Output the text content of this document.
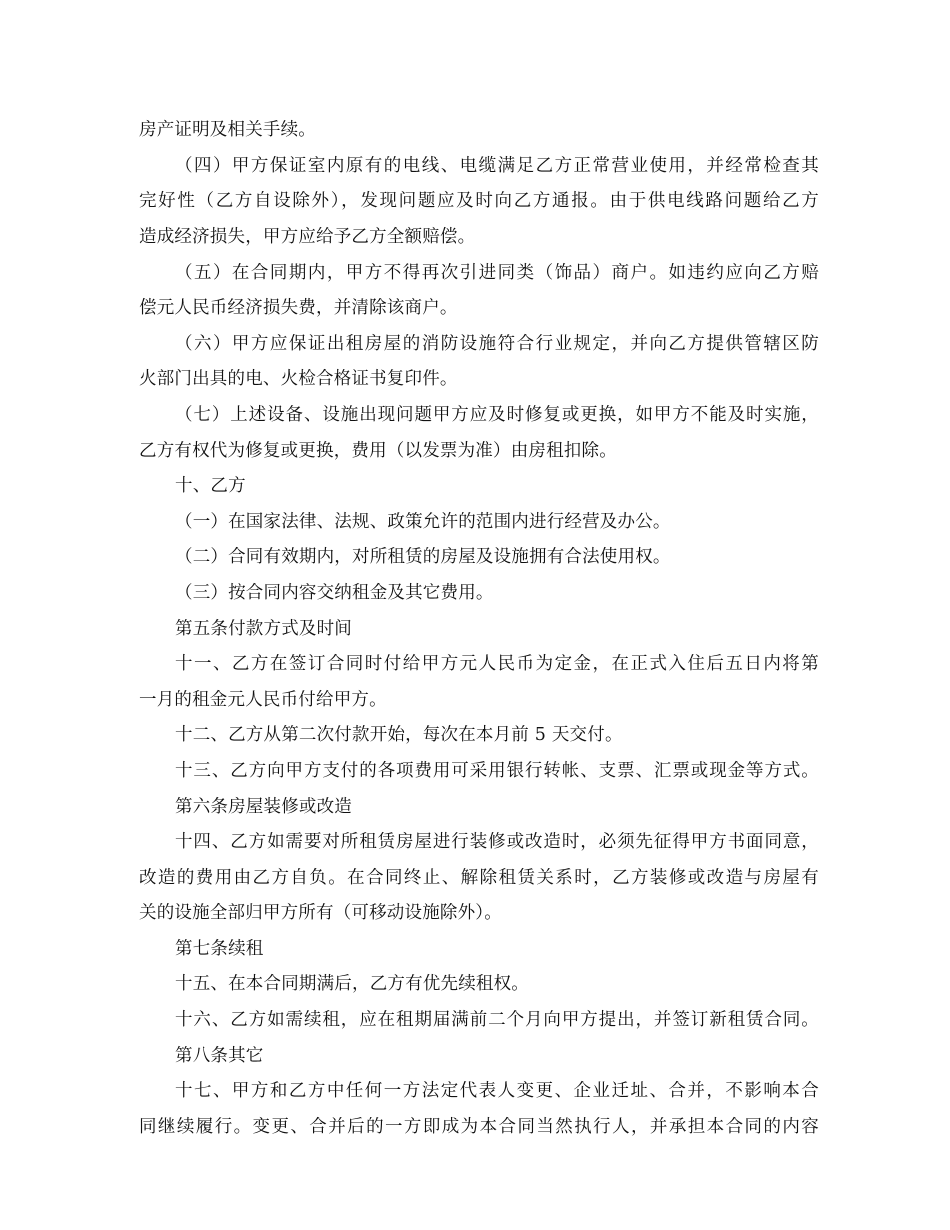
房产证明及相关手续。
（四）甲方保证室内原有的电线、电缆满足乙方正常营业使用，并经常检查其
完好性（乙方自设除外），发现问题应及时向乙方通报。由于供电线路问题给乙方
造成经济损失，甲方应给予乙方全额赔偿。
（五）在合同期内，甲方不得再次引进同类（饰品）商户。如违约应向乙方赔
偿元人民币经济损失费，并清除该商户。
（六）甲方应保证出租房屋的消防设施符合行业规定，并向乙方提供管辖区防
火部门出具的电、火检合格证书复印件。
（七）上述设备、设施出现问题甲方应及时修复或更换，如甲方不能及时实施，
乙方有权代为修复或更换，费用（以发票为准）由房租扣除。
十、乙方
（一）在国家法律、法规、政策允许的范围内进行经营及办公。
（二）合同有效期内，对所租赁的房屋及设施拥有合法使用权。
（三）按合同内容交纳租金及其它费用。
第五条付款方式及时间
十一、乙方在签订合同时付给甲方元人民币为定金，在正式入住后五日内将第
一月的租金元人民币付给甲方。
十二、乙方从第二次付款开始，每次在本月前 5 天交付。
十三、乙方向甲方支付的各项费用可采用银行转帐、支票、汇票或现金等方式。
第六条房屋装修或改造
十四、乙方如需要对所租赁房屋进行装修或改造时，必须先征得甲方书面同意，
改造的费用由乙方自负。在合同终止、解除租赁关系时，乙方装修或改造与房屋有
关的设施全部归甲方所有（可移动设施除外）。
第七条续租
十五、在本合同期满后，乙方有优先续租权。
十六、乙方如需续租，应在租期届满前二个月向甲方提出，并签订新租赁合同。
第八条其它
十七、甲方和乙方中任何一方法定代表人变更、企业迁址、合并，不影响本合
同继续履行。变更、合并后的一方即成为本合同当然执行人，并承担本合同的内容
